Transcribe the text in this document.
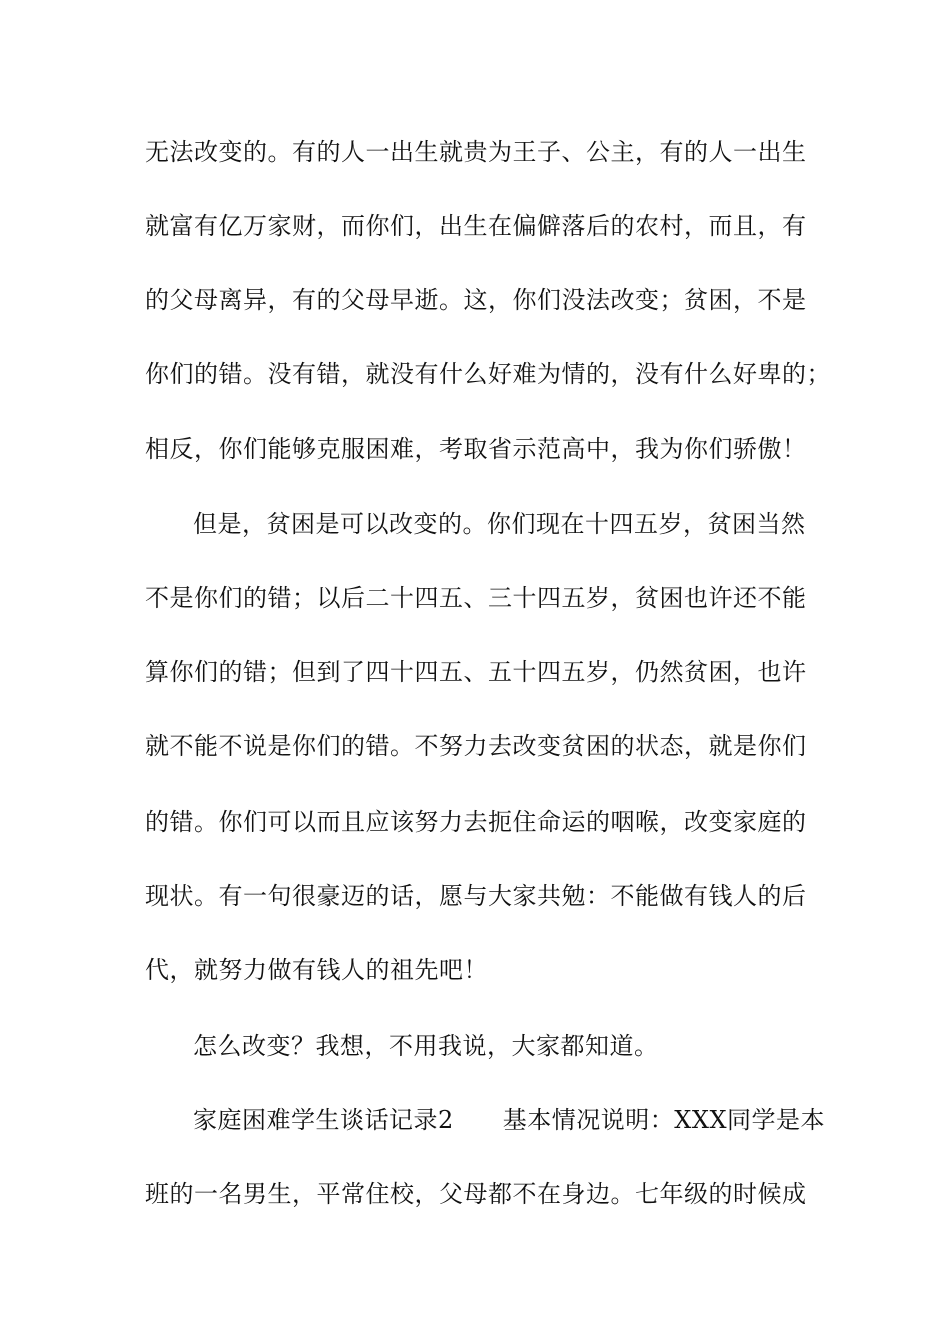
无法改变的。有的人一出生就贵为王子、公主，有的人一出生
就富有亿万家财，而你们，出生在偏僻落后的农村，而且，有
的父母离异，有的父母早逝。这，你们没法改变；贫困，不是
你们的错。没有错，就没有什么好难为情的，没有什么好卑的；
相反，你们能够克服困难，考取省示范高中，我为你们骄傲！
但是，贫困是可以改变的。你们现在十四五岁，贫困当然
不是你们的错；以后二十四五、三十四五岁，贫困也许还不能
算你们的错；但到了四十四五、五十四五岁，仍然贫困，也许
就不能不说是你们的错。不努力去改变贫困的状态，就是你们
的错。你们可以而且应该努力去扼住命运的咽喉，改变家庭的
现状。有一句很豪迈的话，愿与大家共勉：不能做有钱人的后
代，就努力做有钱人的祖先吧！
怎么改变？我想，不用我说，大家都知道。
家庭困难学生谈话记录2　　基本情况说明：XXX同学是本
班的一名男生，平常住校，父母都不在身边。七年级的时候成
